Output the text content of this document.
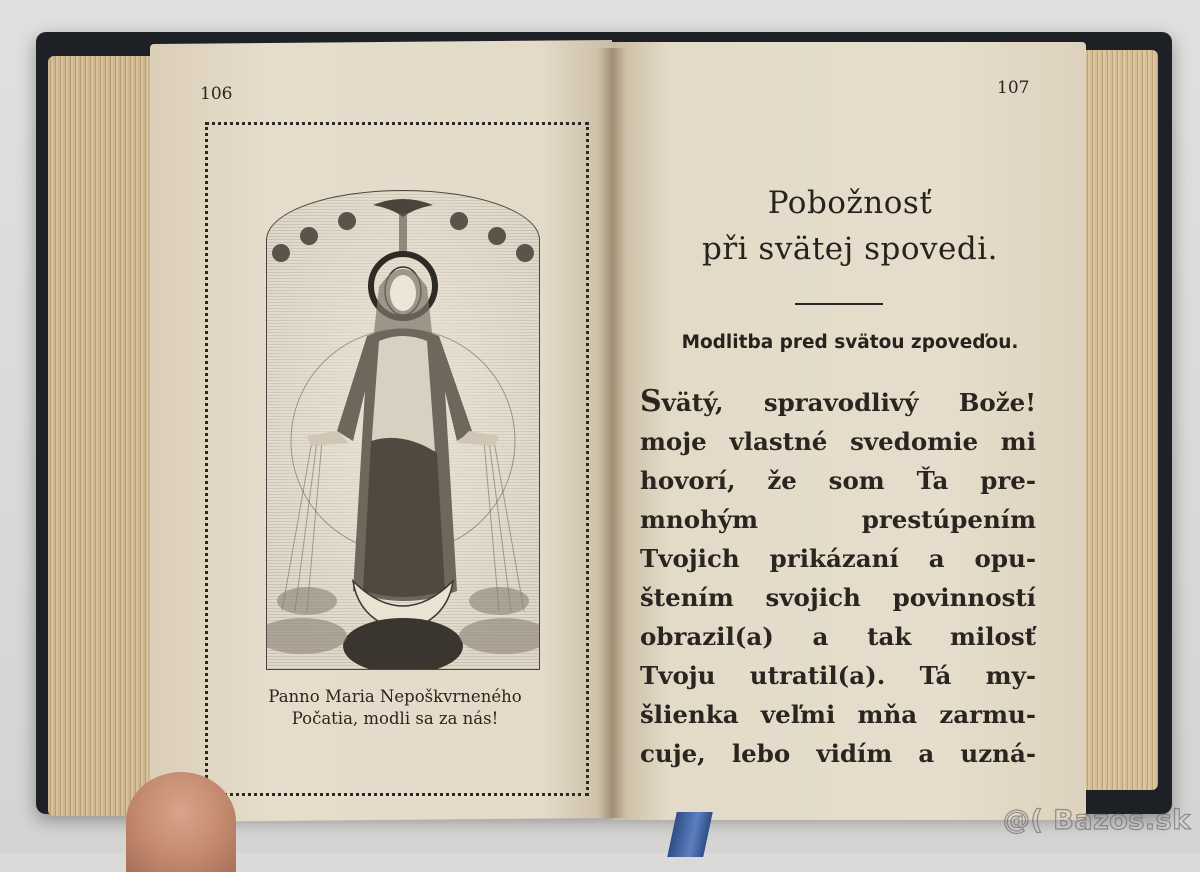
106
Panno Maria Nepoškvrneného
Počatia, modli sa za nás!
107
Pobožnosť
při svätej spovedi.
Modlitba pred svätou zpoveďou.
Svätý, spravodlivý Bože!
moje vlastné svedomie mi
hovorí, že som Ťa pre-
mnohým prestúpením
Tvojich prikázaní a opu-
štením svojich povinností
obrazil(a) a tak milosť
Tvoju utratil(a). Tá my-
šlienka veľmi mňa zarmu-
cuje, lebo vidím a uzná-
@( Bazos.sk
